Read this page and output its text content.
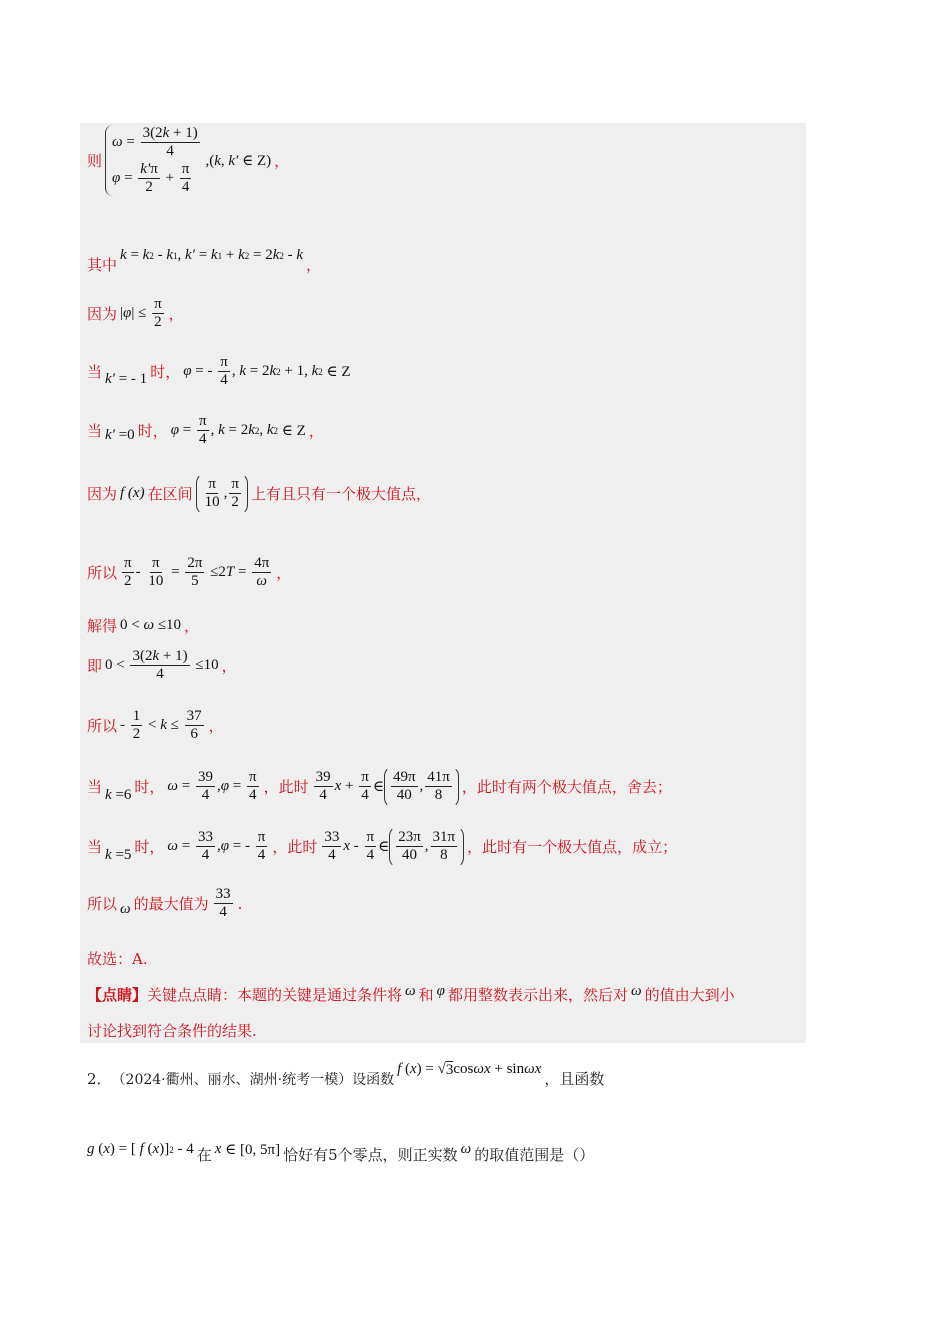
则
$\omega = \frac{3(2k + 1)}{4}$
$\varphi = \frac{k'\pi}{2} + \frac{\pi}{4} ,(k$, k′ ∈ Z) ，
其中
k = k 2 - k 1 , k′ = k 1 + k 2 = 2 k 2 - k
，
因为 | φ | ≤ $\frac{\pi}{2}$ ，
当 k′ = - 1 时， φ = - $\frac{\pi}{4}$ , k = 2 k 2 + 1, k 2 ∈ Z
当 k′ =0 时， $\varphi = \frac{\pi}{4}$ , k = 2 k 2 , k 2 ∈ Z ，
因为 f (x) 在区间 $\frac{\pi}{10}$ , $\frac{\pi}{2}$ 上有且只有一个极大值点，
所以 $\frac{\pi}{2} - \frac{\pi}{10} = \frac{2\pi}{5} \le 2$ $T = \frac{4\pi}{\omega}$ ，
解得 0 < ω ≤10 ，
即 $0 < \frac{3(2k + 1)}{4} \le 10$ ，
所以 - $\frac{1}{2} < k \le \frac{37}{6}$ ，
当 k =6 时， $\omega = \frac{39}{4}$ , $\varphi = \frac{\pi}{4}$ ，此时 $\frac{39}{4}$ $x + \frac{\pi}{4}$ ∈ $\frac{49\pi}{40}$ , $\frac{41\pi}{8}$ ，此时有两个极大值点，舍去；
当 k =5 时， $\omega = \frac{33}{4}$ , φ = - $\frac{\pi}{4}$ ，此时 $\frac{33}{4}$ x - $\frac{\pi}{4}$ ∈ $\frac{23\pi}{40}$ , $\frac{31\pi}{8}$ ，此时有一个极大值点，成立；
所以 ω 的最大值为 $\frac{33}{4}$ .
故选：A.
【点睛】 关键点点睛：本题的关键是通过条件将 ω 和 φ 都用整数表示出来，然后对 ω 的值由大到小
讨论找到符合条件的结果.
2． （2024·衢州、丽水、湖州·统考一模）设函数
f ( x ) = √ 3 cos ωx + sin ωx
，且函数
g ( x ) = [ f ( x )] 2 - 4 在 x ∈ [0, 5π] 恰好有5个零点，则正实数 ω 的取值范围是（）
